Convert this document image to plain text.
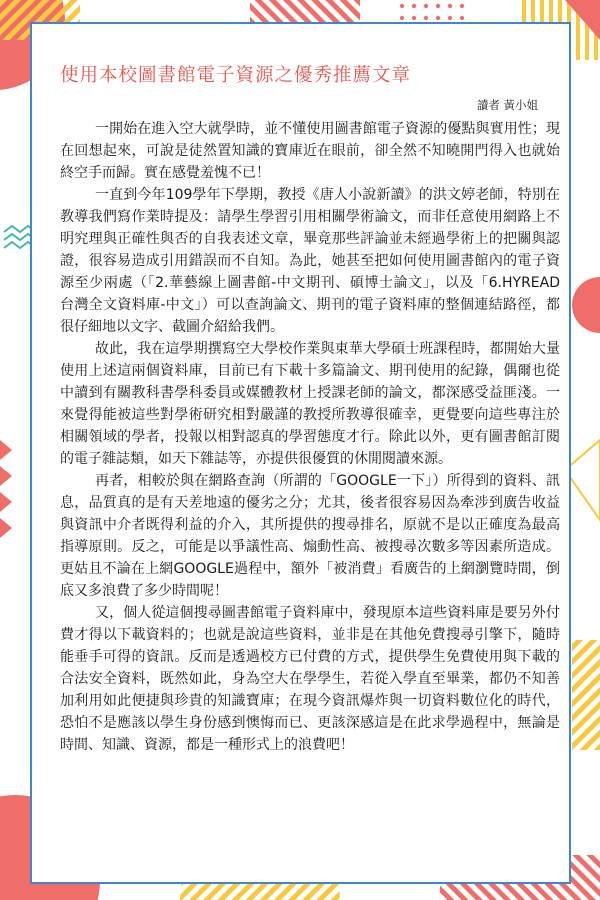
使用本校圖書館電子資源之優秀推薦文章
讀者 黃小姐

一開始在進入空大就學時，並不懂使用圖書館電子資源的優點與實用性；現在回想起來，可說是徒然置知識的寶庫近在眼前，卻全然不知曉開門得入也就始終空手而歸。實在感覺羞愧不已！

一直到今年109學年下學期，教授《唐人小說新讀》的洪文婷老師，特別在教導我們寫作業時提及：請學生學習引用相關學術論文，而非任意使用網路上不明究理與正確性與否的自我表述文章，畢竟那些評論並未經過學術上的把關與認證，很容易造成引用錯誤而不自知。為此，她甚至把如何使用圖書館內的電子資源至少兩處（「2.華藝線上圖書館-中文期刊、碩博士論文」，以及「6.HYREAD 台灣全文資料庫-中文」）可以查詢論文、期刊的電子資料庫的整個連結路徑，都很仔細地以文字、截圖介紹給我們。

故此，我在這學期撰寫空大學校作業與東華大學碩士班課程時，都開始大量使用上述這兩個資料庫，目前已有下載十多篇論文、期刊使用的紀錄，偶爾也從中讀到有關教科書學科委員或媒體教材上授課老師的論文，都深感受益匪淺。一來覺得能被這些對學術研究相對嚴謹的教授所教導很確幸，更覺要向這些專注於相關領域的學者，投報以相對認真的學習態度才行。除此以外，更有圖書館訂閱的電子雜誌類，如天下雜誌等，亦提供很優質的休閒閱讀來源。

再者，相較於與在網路查詢（所謂的「GOOGLE一下」）所得到的資料、訊息，品質真的是有天差地遠的優劣之分；尤其，後者很容易因為牽涉到廣告收益與資訊中介者既得利益的介入，其所提供的搜尋排名，原就不是以正確度為最高指導原則。反之，可能是以爭議性高、煽動性高、被搜尋次數多等因素所造成。更姑且不論在上網GOOGLE過程中，額外「被消費」看廣告的上網瀏覽時間，倒底又多浪費了多少時間呢！

又，個人從這個搜尋圖書館電子資料庫中，發現原本這些資料庫是要另外付費才得以下載資料的；也就是說這些資料，並非是在其他免費搜尋引擎下，隨時能垂手可得的資訊。反而是透過校方已付費的方式，提供學生免費使用與下載的合法安全資料，既然如此，身為空大在學學生，若從入學直至畢業，都仍不知善加利用如此便捷與珍貴的知識寶庫；在現今資訊爆炸與一切資料數位化的時代，恐怕不是應該以學生身份感到懊悔而已、更該深感這是在此求學過程中，無論是時間、知識、資源，都是一種形式上的浪費吧！
